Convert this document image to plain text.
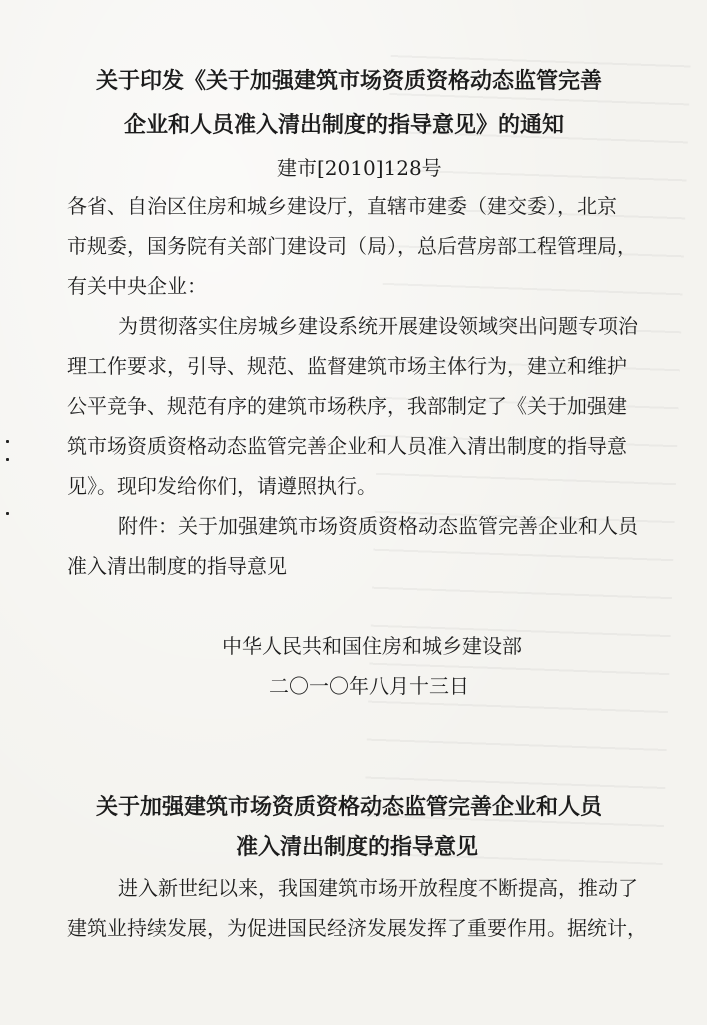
关于印发《关于加强建筑市场资质资格动态监管完善
企业和人员准入清出制度的指导意见》的通知
建市[2010]128号
各省、自治区住房和城乡建设厅，直辖市建委（建交委），北京
市规委，国务院有关部门建设司（局），总后营房部工程管理局，
有关中央企业：
为贯彻落实住房城乡建设系统开展建设领域突出问题专项治
理工作要求，引导、规范、监督建筑市场主体行为，建立和维护
公平竞争、规范有序的建筑市场秩序，我部制定了《关于加强建
筑市场资质资格动态监管完善企业和人员准入清出制度的指导意
见》。现印发给你们，请遵照执行。
附件：关于加强建筑市场资质资格动态监管完善企业和人员
准入清出制度的指导意见
中华人民共和国住房和城乡建设部
二〇一〇年八月十三日
关于加强建筑市场资质资格动态监管完善企业和人员
准入清出制度的指导意见
进入新世纪以来，我国建筑市场开放程度不断提高，推动了
建筑业持续发展，为促进国民经济发展发挥了重要作用。据统计，
